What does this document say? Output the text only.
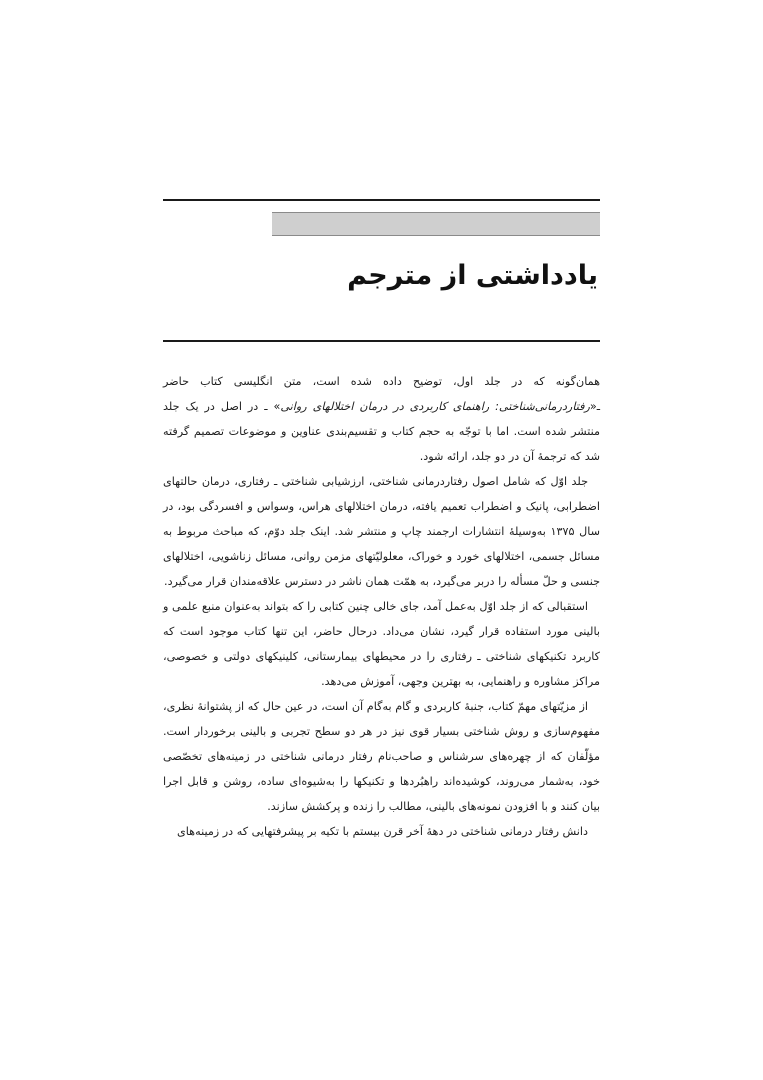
یادداشتی از مترجم

همان‌گونه که در جلد اول، توضیح داده شده است، متن انگلیسی کتاب حاضر ـ«رفتاردرمانی‌شناختی: راهنمای کاربردی در درمان اختلالهای روانی» ـ در اصل در یک جلد منتشر شده است. اما با توجّه به حجم کتاب و تقسیم‌بندی عناوین و موضوعات تصمیم گرفته شد که ترجمهٔ آن در دو جلد، ارائه شود.

جلد اوّل که شامل اصول رفتاردرمانی شناختی، ارزشیابی شناختی ـ رفتاری، درمان حالتهای اضطرابی، پانیک و اضطراب تعمیم یافته، درمان اختلالهای هراس، وسواس و افسردگی بود، در سال ۱۳۷۵ به‌وسیلهٔ انتشارات ارجمند چاپ و منتشر شد. اینک جلد دوّم، که مباحث مربوط به مسائل جسمی، اختلالهای خورد و خوراک، معلولیّتهای مزمن روانی، مسائل زناشویی، اختلالهای جنسی و حلّ مسأله را دربر می‌گیرد، به همّت همان ناشر در دسترس علاقه‌مندان قرار می‌گیرد.

استقبالی که از جلد اوّل به‌عمل آمد، جای خالی چنین کتابی را که بتواند به‌عنوان منبع علمی و بالینی مورد استفاده قرار گیرد، نشان می‌داد. درحال حاضر، این تنها کتاب موجود است که کاربرد تکنیکهای شناختی ـ رفتاری را در محیطهای بیمارستانی، کلینیکهای دولتی و خصوصی، مراکز مشاوره و راهنمایی، به بهترین وجهی، آموزش می‌دهد.

از مزیّتهای مهمّ کتاب، جنبهٔ کاربردی و گام به‌گام آن است، در عین حال که از پشتوانهٔ نظری، مفهوم‌سازی و روش شناختی بسیار قوی نیز در هر دو سطح تجربی و بالینی برخوردار است. مؤلّفان که از چهره‌های سرشناس و صاحب‌نام رفتار درمانی شناختی در زمینه‌های تخصّصی خود، به‌شمار می‌روند، کوشیده‌اند راهبُردها و تکنیکها را به‌شیوه‌ای ساده، روشن و قابل اجرا بیان کنند و با افزودن نمونه‌های بالینی، مطالب را زنده و پرکشش سازند.

دانش رفتار درمانی شناختی در دههٔ آخر قرن بیستم با تکیه بر پیشرفتهایی که در زمینه‌های
